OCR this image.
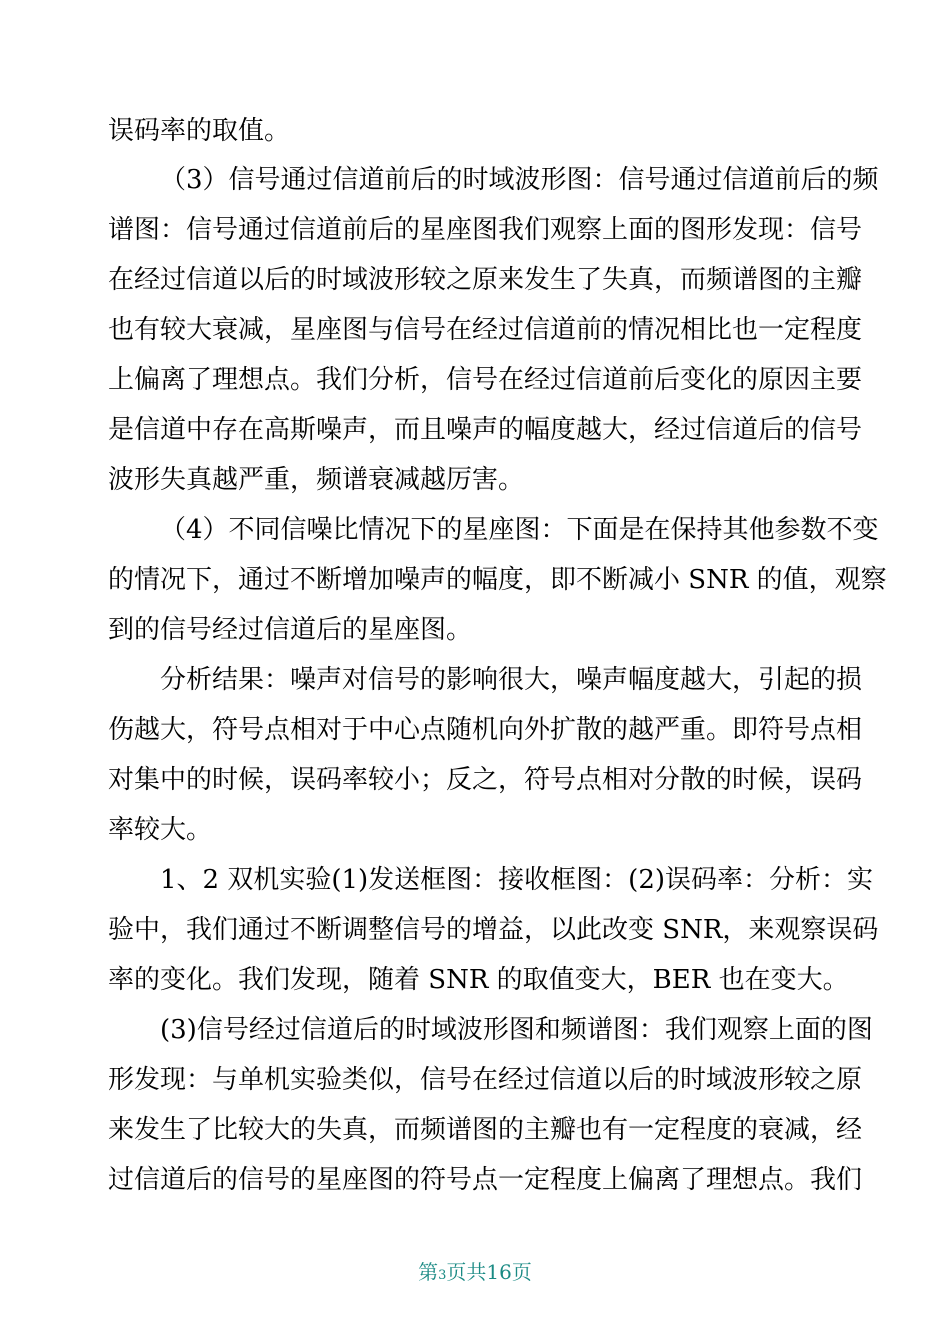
误码率的取值。

（3）信号通过信道前后的时域波形图：信号通过信道前后的频

谱图：信号通过信道前后的星座图我们观察上面的图形发现：信号

在经过信道以后的时域波形较之原来发生了失真，而频谱图的主瓣

也有较大衰减，星座图与信号在经过信道前的情况相比也一定程度

上偏离了理想点。我们分析，信号在经过信道前后变化的原因主要

是信道中存在高斯噪声，而且噪声的幅度越大，经过信道后的信号

波形失真越严重，频谱衰减越厉害。

（4）不同信噪比情况下的星座图：下面是在保持其他参数不变

的情况下，通过不断增加噪声的幅度，即不断减小 SNR 的值，观察

到的信号经过信道后的星座图。

分析结果：噪声对信号的影响很大，噪声幅度越大，引起的损

伤越大，符号点相对于中心点随机向外扩散的越严重。即符号点相

对集中的时候，误码率较小；反之，符号点相对分散的时候，误码

率较大。

1、2 双机实验(1)发送框图：接收框图：(2)误码率：分析：实

验中，我们通过不断调整信号的增益，以此改变 SNR，来观察误码

率的变化。我们发现，随着 SNR 的取值变大，BER 也在变大。

(3)信号经过信道后的时域波形图和频谱图：我们观察上面的图

形发现：与单机实验类似，信号在经过信道以后的时域波形较之原

来发生了比较大的失真，而频谱图的主瓣也有一定程度的衰减，经

过信道后的信号的星座图的符号点一定程度上偏离了理想点。我们

第3页共16页
